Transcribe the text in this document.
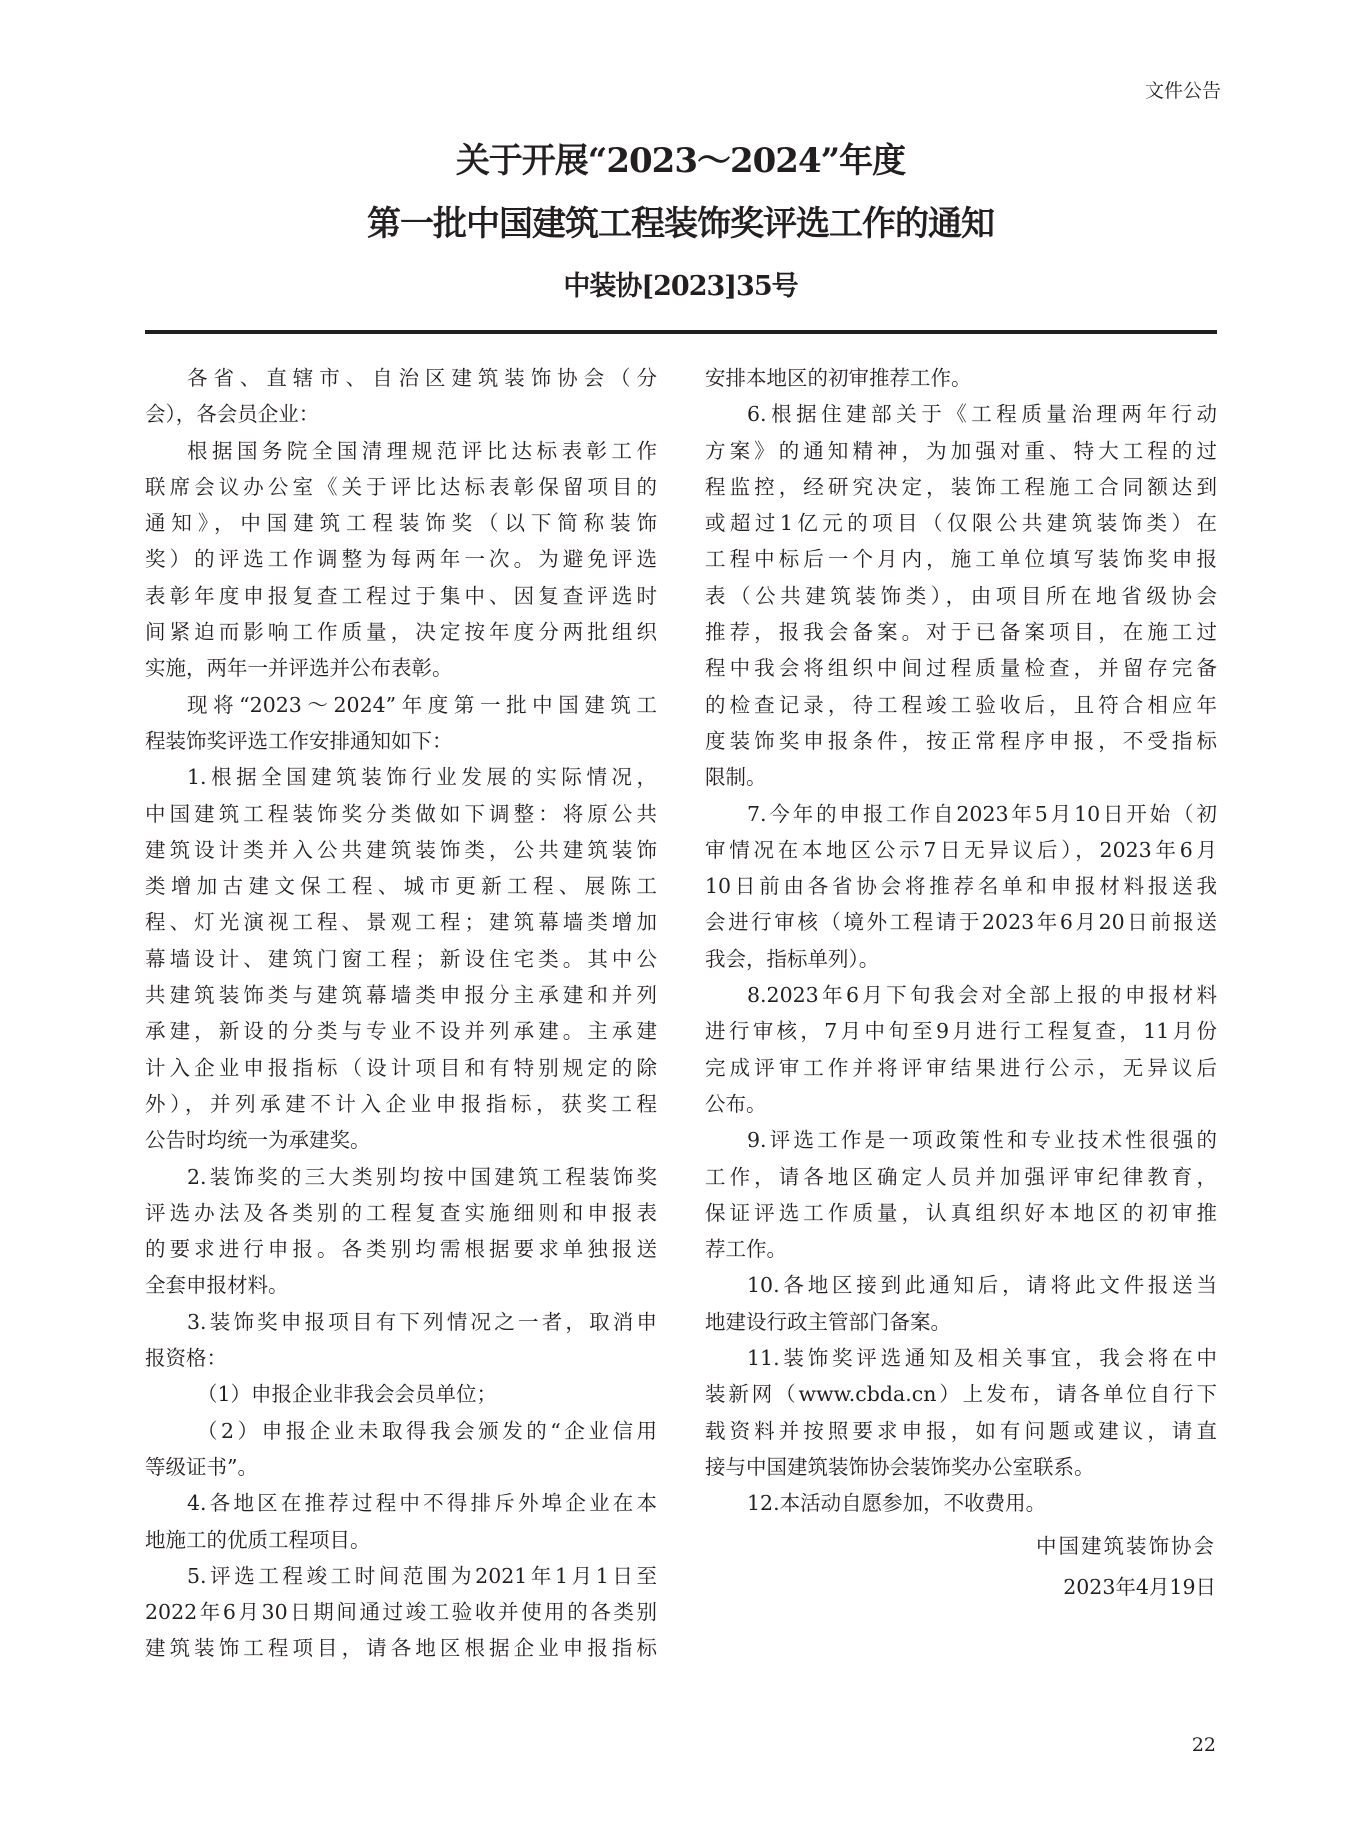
文件公告
关于开展“2023～2024”年度
第一批中国建筑工程装饰奖评选工作的通知
中装协[2023]35号
各省、直辖市、自治区建筑装饰协会（分
会），各会员企业：
根据国务院全国清理规范评比达标表彰工作
联席会议办公室《关于评比达标表彰保留项目的
通知》，中国建筑工程装饰奖（以下简称装饰
奖）的评选工作调整为每两年一次。为避免评选
表彰年度申报复查工程过于集中、因复查评选时
间紧迫而影响工作质量，决定按年度分两批组织
实施，两年一并评选并公布表彰。
现将“2023～2024”年度第一批中国建筑工
程装饰奖评选工作安排通知如下：
1.根据全国建筑装饰行业发展的实际情况，
中国建筑工程装饰奖分类做如下调整：将原公共
建筑设计类并入公共建筑装饰类，公共建筑装饰
类增加古建文保工程、城市更新工程、展陈工
程、灯光演视工程、景观工程；建筑幕墙类增加
幕墙设计、建筑门窗工程；新设住宅类。其中公
共建筑装饰类与建筑幕墙类申报分主承建和并列
承建，新设的分类与专业不设并列承建。主承建
计入企业申报指标（设计项目和有特别规定的除
外），并列承建不计入企业申报指标，获奖工程
公告时均统一为承建奖。
2.装饰奖的三大类别均按中国建筑工程装饰奖
评选办法及各类别的工程复查实施细则和申报表
的要求进行申报。各类别均需根据要求单独报送
全套申报材料。
3.装饰奖申报项目有下列情况之一者，取消申
报资格：
（1）申报企业非我会会员单位；
（2）申报企业未取得我会颁发的“企业信用
等级证书”。
4.各地区在推荐过程中不得排斥外埠企业在本
地施工的优质工程项目。
5.评选工程竣工时间范围为2021年1月1日至
2022年6月30日期间通过竣工验收并使用的各类别
建筑装饰工程项目，请各地区根据企业申报指标
安排本地区的初审推荐工作。
6.根据住建部关于《工程质量治理两年行动
方案》的通知精神，为加强对重、特大工程的过
程监控，经研究决定，装饰工程施工合同额达到
或超过1亿元的项目（仅限公共建筑装饰类）在
工程中标后一个月内，施工单位填写装饰奖申报
表（公共建筑装饰类），由项目所在地省级协会
推荐，报我会备案。对于已备案项目，在施工过
程中我会将组织中间过程质量检查，并留存完备
的检查记录，待工程竣工验收后，且符合相应年
度装饰奖申报条件，按正常程序申报，不受指标
限制。
7.今年的申报工作自2023年5月10日开始（初
审情况在本地区公示7日无异议后），2023年6月
10日前由各省协会将推荐名单和申报材料报送我
会进行审核（境外工程请于2023年6月20日前报送
我会，指标单列）。
8.2023年6月下旬我会对全部上报的申报材料
进行审核，7月中旬至9月进行工程复查，11月份
完成评审工作并将评审结果进行公示，无异议后
公布。
9.评选工作是一项政策性和专业技术性很强的
工作，请各地区确定人员并加强评审纪律教育，
保证评选工作质量，认真组织好本地区的初审推
荐工作。
10.各地区接到此通知后，请将此文件报送当
地建设行政主管部门备案。
11.装饰奖评选通知及相关事宜，我会将在中
装新网（www.cbda.cn）上发布，请各单位自行下
载资料并按照要求申报，如有问题或建议，请直
接与中国建筑装饰协会装饰奖办公室联系。
12.本活动自愿参加，不收费用。
中国建筑装饰协会
2023年4月19日
22
